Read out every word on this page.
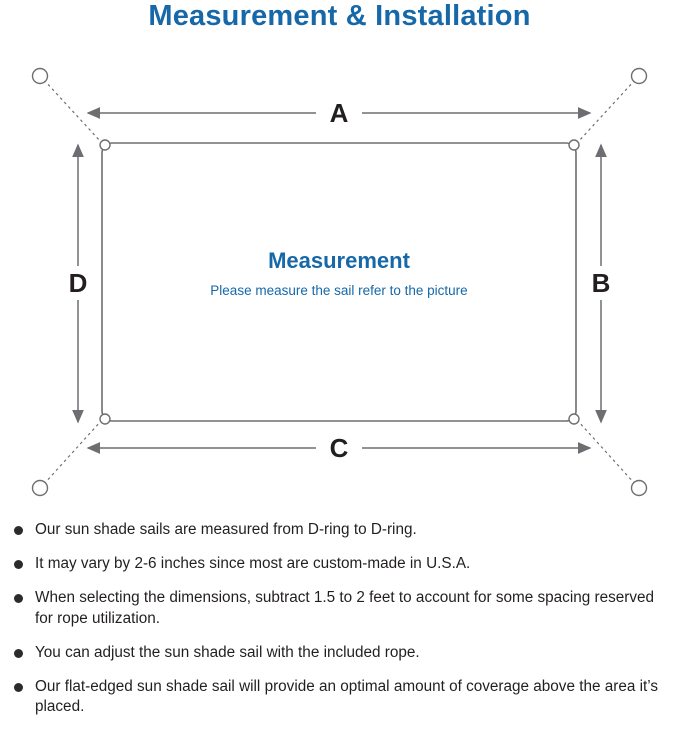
Measurement & Installation
A
C
D	B
Measurement
Please measure the sail refer to the picture
Our sun shade sails are measured from D-ring to D-ring.
It may vary by 2-6 inches since most are custom-made in U.S.A.
When selecting the dimensions, subtract 1.5 to 2 feet to account for some spacing reserved for rope utilization.
You can adjust the sun shade sail with the included rope.
Our flat-edged sun shade sail will provide an optimal amount of coverage above the area it’s placed.
